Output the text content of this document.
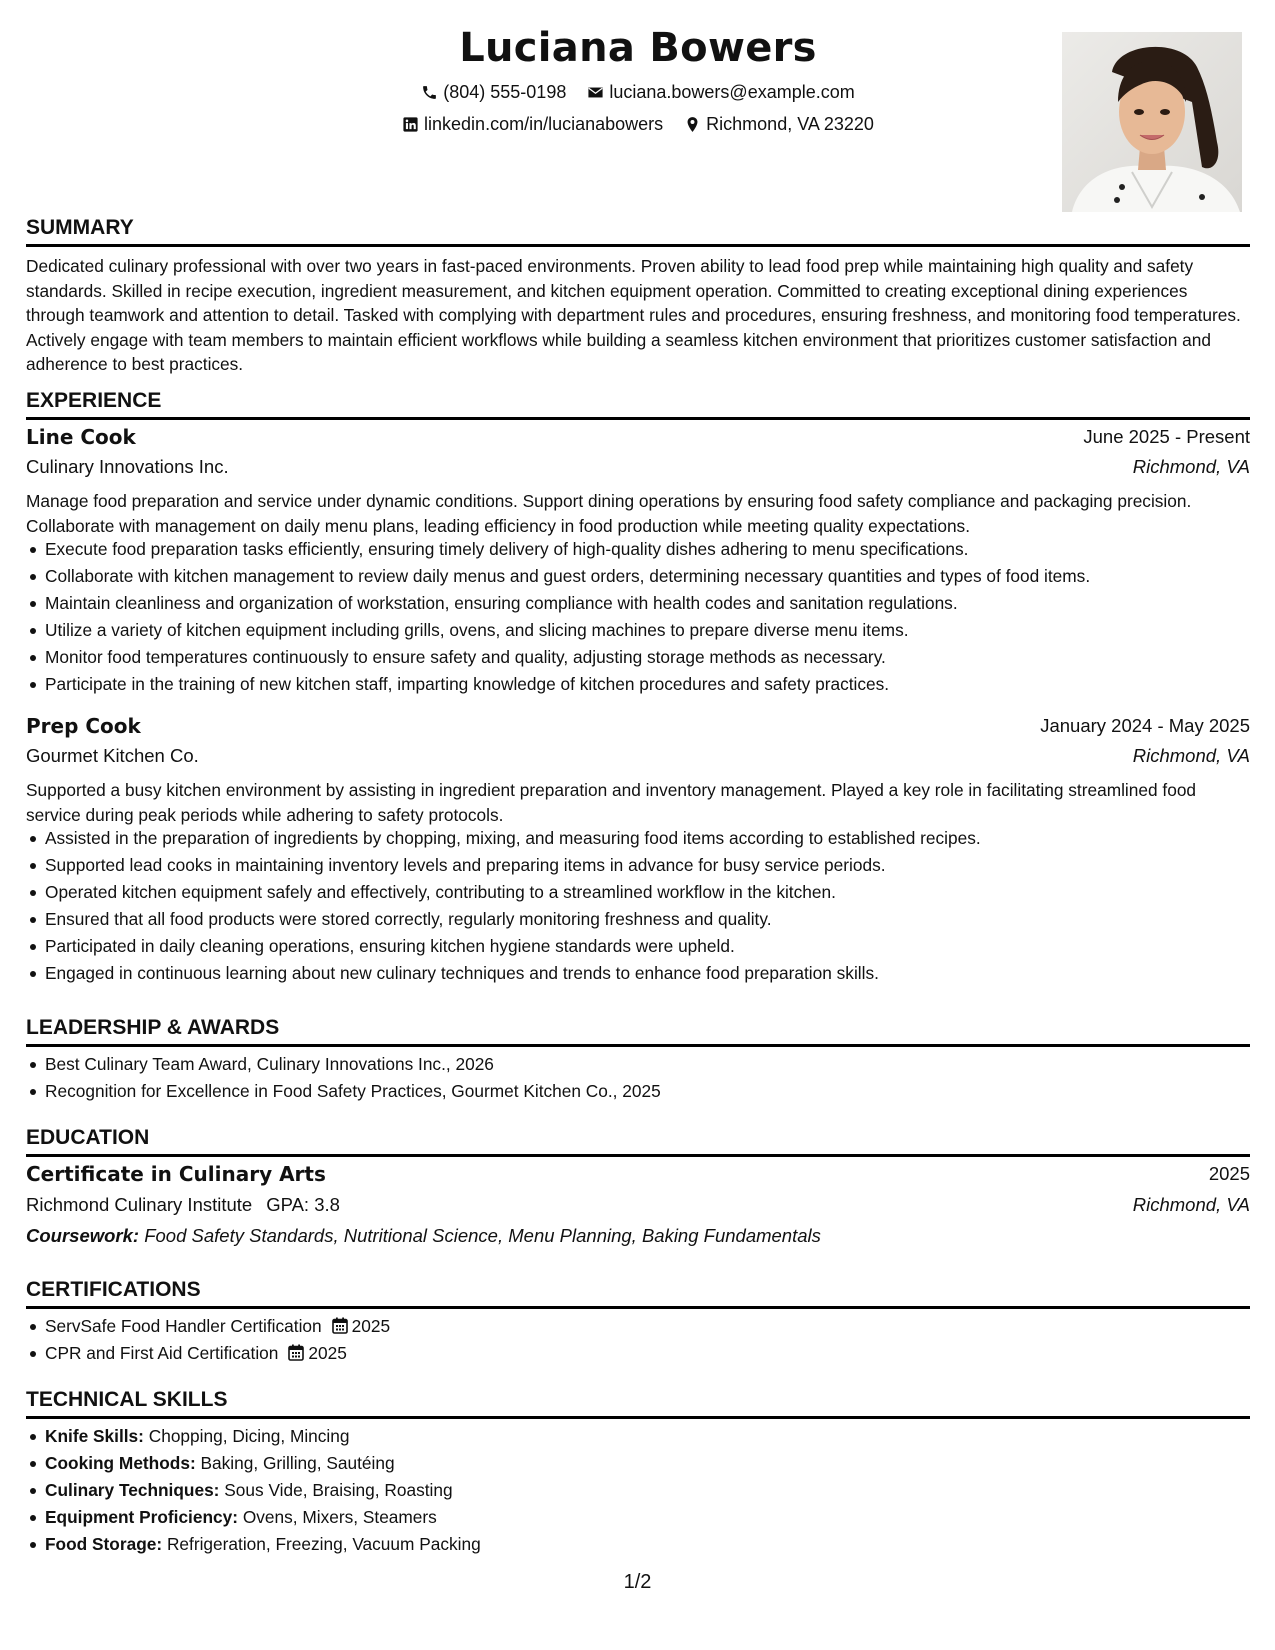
Luciana Bowers
(804) 555-0198
luciana.bowers@example.com
linkedin.com/in/lucianabowers
Richmond, VA 23220
SUMMARY
Dedicated culinary professional with over two years in fast-paced environments. Proven ability to lead food prep while maintaining high quality and safety standards. Skilled in recipe execution, ingredient measurement, and kitchen equipment operation. Committed to creating exceptional dining experiences through teamwork and attention to detail. Tasked with complying with department rules and procedures, ensuring freshness, and monitoring food temperatures. Actively engage with team members to maintain efficient workflows while building a seamless kitchen environment that prioritizes customer satisfaction and adherence to best practices.
EXPERIENCE
Line Cook	June 2025 - Present
Culinary Innovations Inc.	Richmond, VA
Manage food preparation and service under dynamic conditions. Support dining operations by ensuring food safety compliance and packaging precision. Collaborate with management on daily menu plans, leading efficiency in food production while meeting quality expectations.
Execute food preparation tasks efficiently, ensuring timely delivery of high-quality dishes adhering to menu specifications.
Collaborate with kitchen management to review daily menus and guest orders, determining necessary quantities and types of food items.
Maintain cleanliness and organization of workstation, ensuring compliance with health codes and sanitation regulations.
Utilize a variety of kitchen equipment including grills, ovens, and slicing machines to prepare diverse menu items.
Monitor food temperatures continuously to ensure safety and quality, adjusting storage methods as necessary.
Participate in the training of new kitchen staff, imparting knowledge of kitchen procedures and safety practices.
Prep Cook	January 2024 - May 2025
Gourmet Kitchen Co.	Richmond, VA
Supported a busy kitchen environment by assisting in ingredient preparation and inventory management. Played a key role in facilitating streamlined food service during peak periods while adhering to safety protocols.
Assisted in the preparation of ingredients by chopping, mixing, and measuring food items according to established recipes.
Supported lead cooks in maintaining inventory levels and preparing items in advance for busy service periods.
Operated kitchen equipment safely and effectively, contributing to a streamlined workflow in the kitchen.
Ensured that all food products were stored correctly, regularly monitoring freshness and quality.
Participated in daily cleaning operations, ensuring kitchen hygiene standards were upheld.
Engaged in continuous learning about new culinary techniques and trends to enhance food preparation skills.
LEADERSHIP & AWARDS
Best Culinary Team Award, Culinary Innovations Inc., 2026
Recognition for Excellence in Food Safety Practices, Gourmet Kitchen Co., 2025
EDUCATION
Certificate in Culinary Arts	2025
Richmond Culinary Institute GPA: 3.8	Richmond, VA
Coursework: Food Safety Standards, Nutritional Science, Menu Planning, Baking Fundamentals
CERTIFICATIONS
ServSafe Food Handler Certification 2025
CPR and First Aid Certification 2025
TECHNICAL SKILLS
Knife Skills: Chopping, Dicing, Mincing
Cooking Methods: Baking, Grilling, Sautéing
Culinary Techniques: Sous Vide, Braising, Roasting
Equipment Proficiency: Ovens, Mixers, Steamers
Food Storage: Refrigeration, Freezing, Vacuum Packing
1/2
